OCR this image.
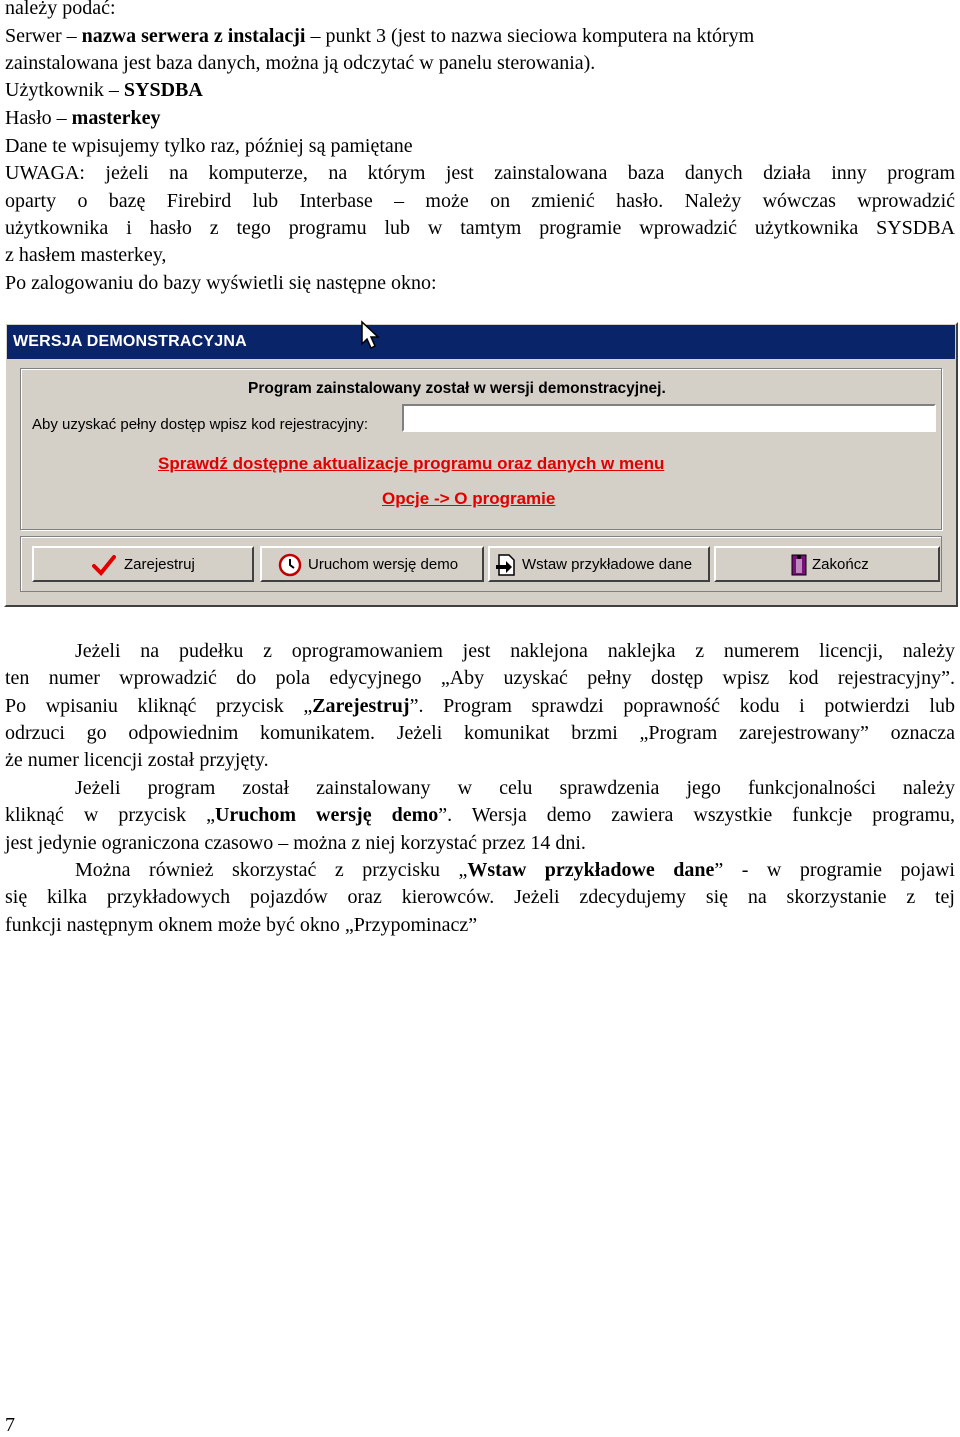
należy podać:
Serwer – nazwa serwera z instalacji – punkt 3 (jest to nazwa sieciowa komputera na którym
zainstalowana jest baza danych, można ją odczytać w panelu sterowania).
Użytkownik – SYSDBA
Hasło – masterkey
Dane te wpisujemy tylko raz, później są pamiętane
UWAGA: jeżeli na komputerze, na którym jest zainstalowana baza danych działa inny program
oparty o bazę Firebird lub Interbase – może on zmienić hasło. Należy wówczas wprowadzić
użytkownika i hasło z tego programu lub w tamtym programie wprowadzić użytkownika SYSDBA
z hasłem masterkey,
Po zalogowaniu do bazy wyświetli się następne okno:
WERSJA DEMONSTRACYJNA
Program zainstalowany został w wersji demonstracyjnej.
Aby uzyskać pełny dostęp wpisz kod rejestracyjny:
Sprawdź dostępne aktualizacje programu oraz danych w menu
Opcje -> O programie
Zarejestruj	Uruchom wersję demo	Wstaw przykładowe dane	Zakończ
Jeżeli na pudełku z oprogramowaniem jest naklejona naklejka z numerem licencji, należy
ten numer wprowadzić do pola edycyjnego „Aby uzyskać pełny dostęp wpisz kod rejestracyjny”.
Po wpisaniu kliknąć przycisk „Zarejestruj”. Program sprawdzi poprawność kodu i potwierdzi lub
odrzuci go odpowiednim komunikatem. Jeżeli komunikat brzmi „Program zarejestrowany” oznacza
że numer licencji został przyjęty.
Jeżeli program został zainstalowany w celu sprawdzenia jego funkcjonalności należy
kliknąć w przycisk „Uruchom wersję demo”. Wersja demo zawiera wszystkie funkcje programu,
jest jedynie ograniczona czasowo – można z niej korzystać przez 14 dni.
Można również skorzystać z przycisku „Wstaw przykładowe dane” - w programie pojawi
się kilka przykładowych pojazdów oraz kierowców. Jeżeli zdecydujemy się na skorzystanie z tej
funkcji następnym oknem może być okno „Przypominacz”
7
